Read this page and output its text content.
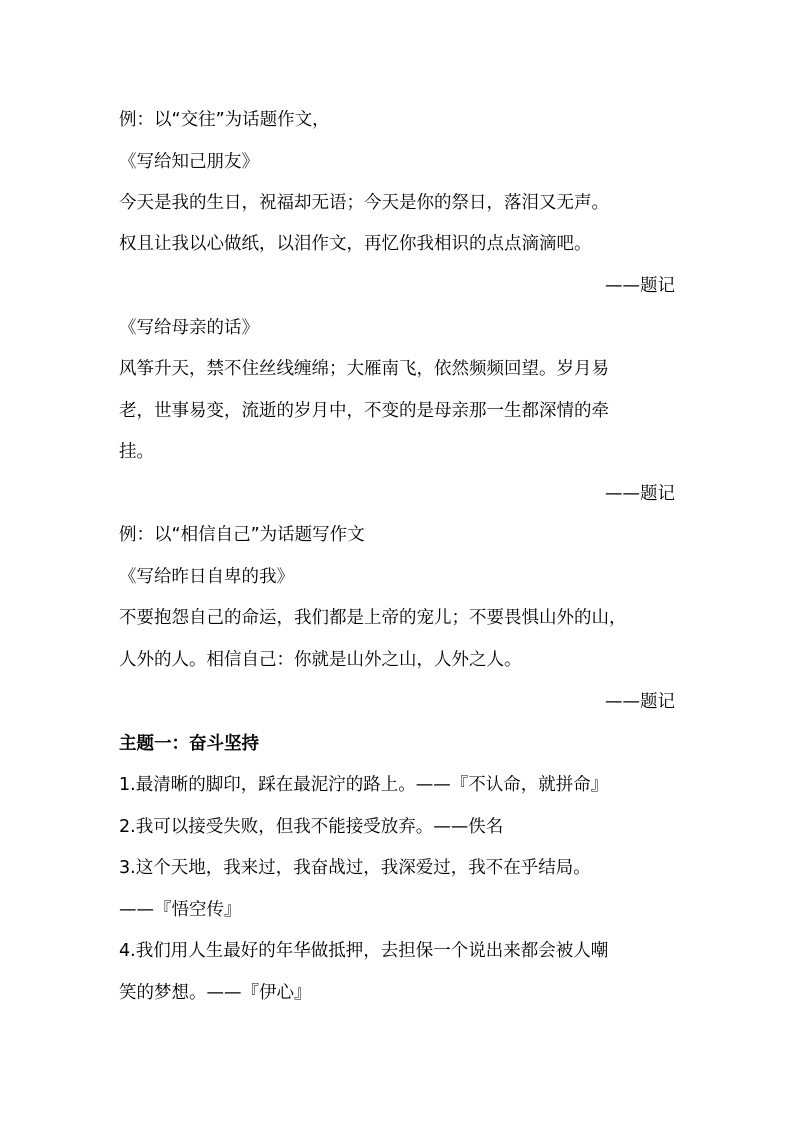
例：以“交往”为话题作文，
《写给知己朋友》
今天是我的生日，祝福却无语；今天是你的祭日，落泪又无声。
权且让我以心做纸，以泪作文，再忆你我相识的点点滴滴吧。
——题记
《写给母亲的话》
风筝升天，禁不住丝线缠绵；大雁南飞，依然频频回望。岁月易
老，世事易变，流逝的岁月中，不变的是母亲那一生都深情的牵
挂。
——题记
例：以“相信自己”为话题写作文
《写给昨日自卑的我》
不要抱怨自己的命运，我们都是上帝的宠儿；不要畏惧山外的山，
人外的人。相信自己：你就是山外之山，人外之人。
——题记
主题一：奋斗坚持
1.最清晰的脚印，踩在最泥泞的路上。——『不认命，就拼命』
2.我可以接受失败，但我不能接受放弃。——佚名
3.这个天地，我来过，我奋战过，我深爱过，我不在乎结局。
——『悟空传』
4.我们用人生最好的年华做抵押，去担保一个说出来都会被人嘲
笑的梦想。——『伊心』
